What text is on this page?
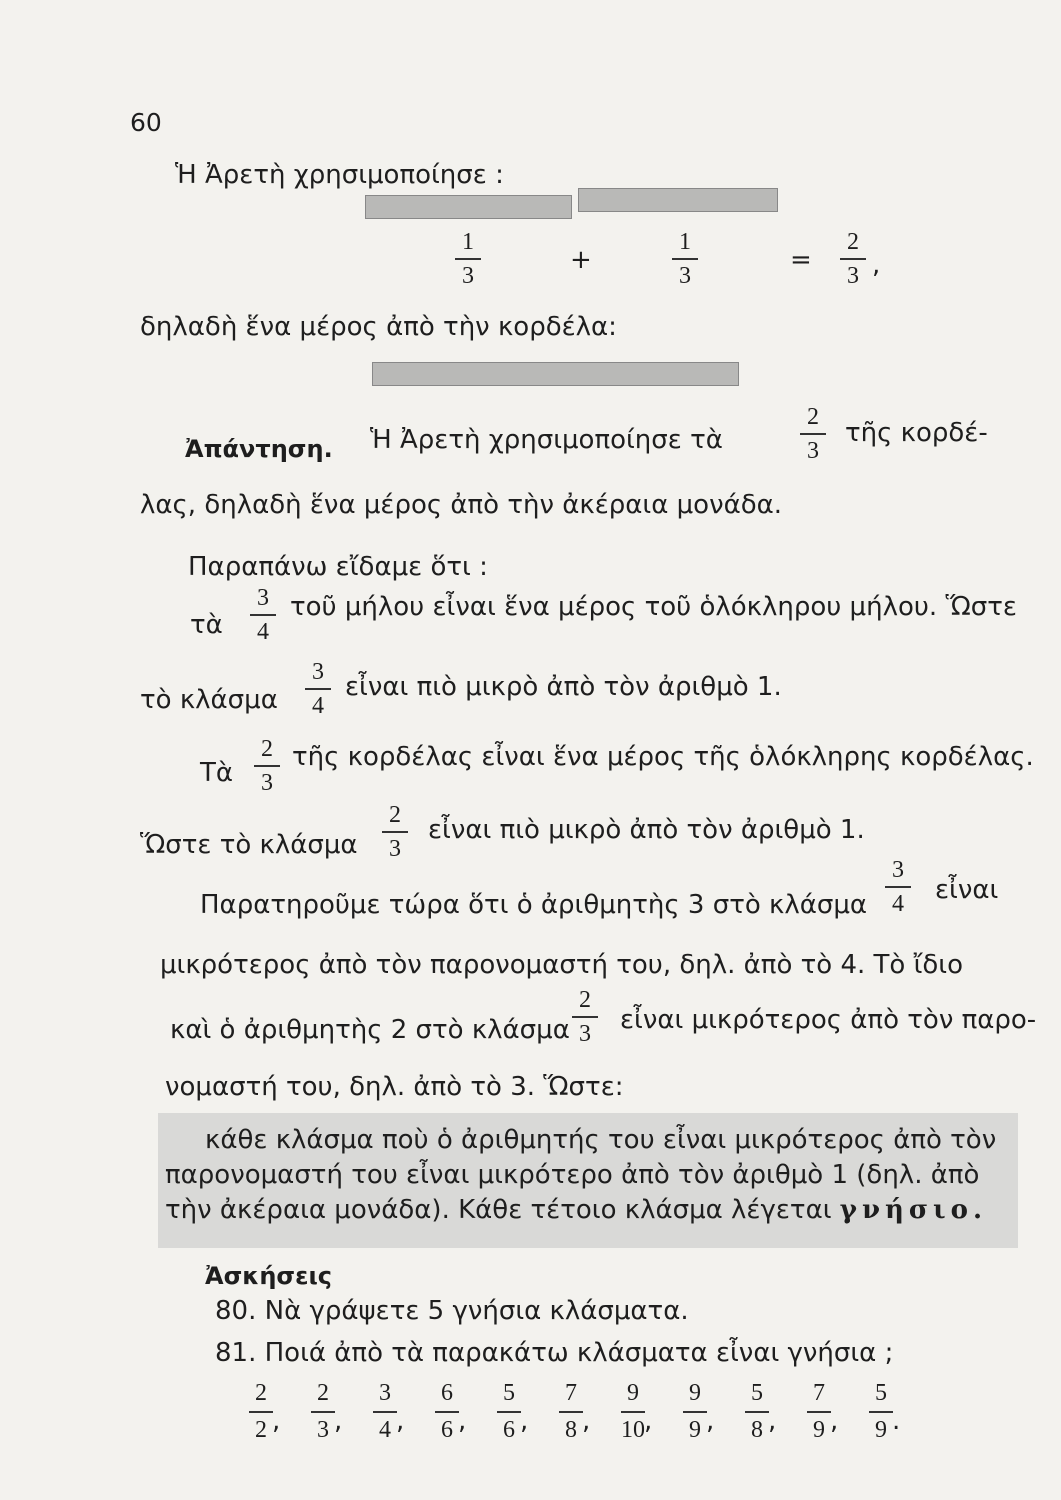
60
Ἡ Ἀρετὴ χρησιμοποίησε :
1
3
+
1
3
=
2
3 ,
δηλαδὴ ἕνα μέρος ἀπὸ τὴν κορδέλα:
Ἀπάντηση. Ἡ Ἀρετὴ χρησιμοποίησε τὰ
2
3
τῆς κορδέ-
λας, δηλαδὴ ἕνα μέρος ἀπὸ τὴν ἀκέραια μονάδα.
Παραπάνω εἴδαμε ὅτι :
τὰ
3
4
τοῦ μήλου εἶναι ἕνα μέρος τοῦ ὁλόκληρου μήλου. Ὥστε
τὸ κλάσμα
3
4
εἶναι πιὸ μικρὸ ἀπὸ τὸν ἀριθμὸ 1.
Τὰ
2
3
τῆς κορδέλας εἶναι ἕνα μέρος τῆς ὁλόκληρης κορδέλας.
Ὥστε τὸ κλάσμα
2
3
εἶναι πιὸ μικρὸ ἀπὸ τὸν ἀριθμὸ 1.
Παρατηροῦμε τώρα ὅτι ὁ ἀριθμητὴς 3 στὸ κλάσμα
3
4 εἶναι
μικρότερος ἀπὸ τὸν παρονομαστή του, δηλ. ἀπὸ τὸ 4. Τὸ ἴδιο
καὶ ὁ ἀριθμητὴς 2 στὸ κλάσμα
2
3 εἶναι μικρότερος ἀπὸ τὸν παρο-
νομαστή του, δηλ. ἀπὸ τὸ 3. Ὥστε:
κάθε κλάσμα ποὺ ὁ ἀριθμητής του εἶναι μικρότερος ἀπὸ τὸν
παρονομαστή του εἶναι μικρότερο ἀπὸ τὸν ἀριθμὸ 1 (δηλ. ἀπὸ
τὴν ἀκέραια μονάδα). Κάθε τέτοιο κλάσμα λέγεται γνήσιο.
Ἀσκήσεις
80. Νὰ γράψετε 5 γνήσια κλάσματα.
81. Ποιά ἀπὸ τὰ παρακάτω κλάσματα εἶναι γνήσια ;
2
2 ,
2
3 ,
3
4 ,
6
6 ,
5
6 ,
7
8 ,
9
10 ,
9
9 ,
5
8 ,
7
9 ,
5
9 .
